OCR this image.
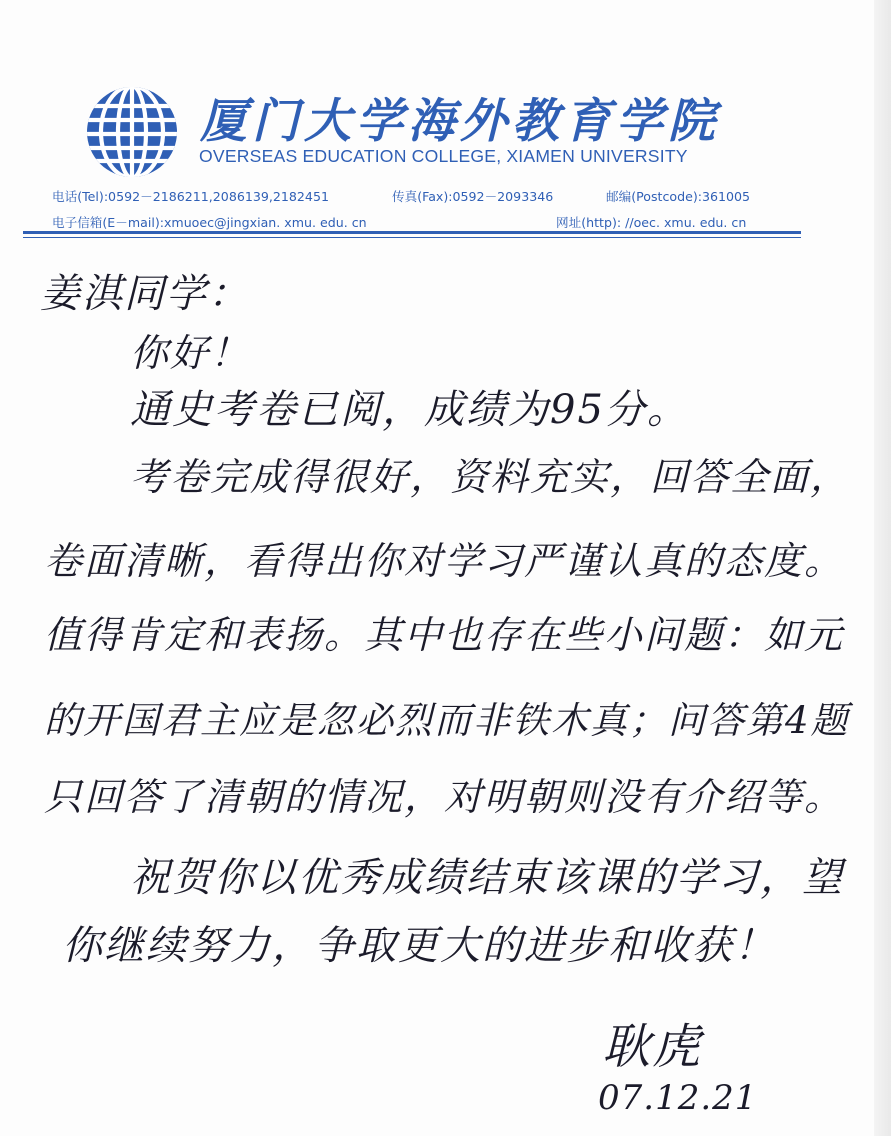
厦门大学海外教育学院
OVERSEAS EDUCATION COLLEGE, XIAMEN UNIVERSITY
电话(Tel):0592－2186211,2086139,2182451	传真(Fax):0592－2093346	邮编(Postcode):361005
电子信箱(E－mail):xmuoec@jingxian. xmu. edu. cn	网址(http): //oec. xmu. edu. cn
姜淇同学：
你好！
通史考卷已阅，成绩为95分。
考卷完成得很好，资料充实，回答全面，
卷面清晰，看得出你对学习严谨认真的态度。
值得肯定和表扬。其中也存在些小问题：如元
的开国君主应是忽必烈而非铁木真；问答第4题
只回答了清朝的情况，对明朝则没有介绍等。
祝贺你以优秀成绩结束该课的学习，望
你继续努力，争取更大的进步和收获！
耿虎
07.12.21
